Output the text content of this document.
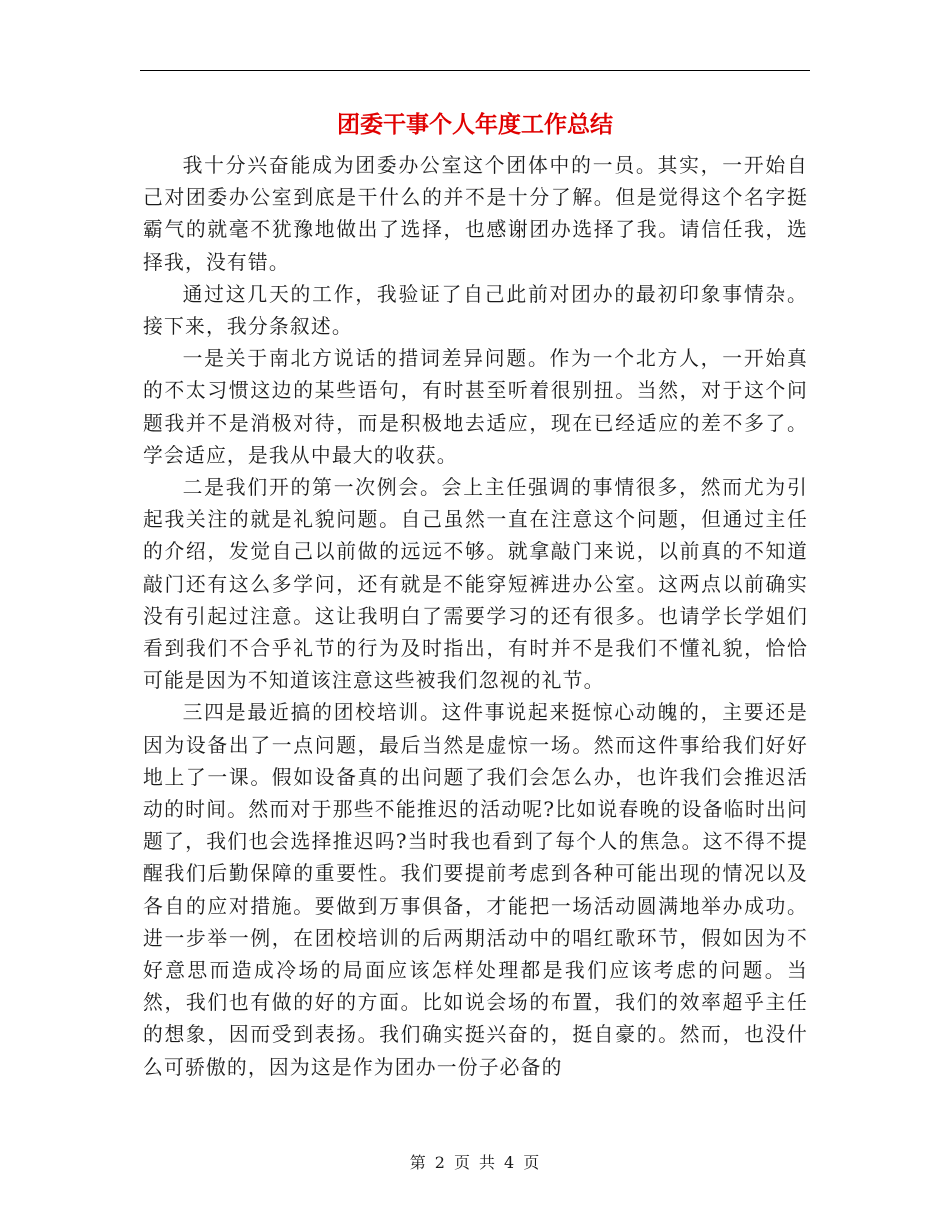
团委干事个人年度工作总结

我十分兴奋能成为团委办公室这个团体中的一员。其实，一开始自己对团委办公室到底是干什么的并不是十分了解。但是觉得这个名字挺霸气的就毫不犹豫地做出了选择，也感谢团办选择了我。请信任我，选择我，没有错。

通过这几天的工作，我验证了自己此前对团办的最初印象事情杂。接下来，我分条叙述。

一是关于南北方说话的措词差异问题。作为一个北方人，一开始真的不太习惯这边的某些语句，有时甚至听着很别扭。当然，对于这个问题我并不是消极对待，而是积极地去适应，现在已经适应的差不多了。学会适应，是我从中最大的收获。

二是我们开的第一次例会。会上主任强调的事情很多，然而尤为引起我关注的就是礼貌问题。自己虽然一直在注意这个问题，但通过主任的介绍，发觉自己以前做的远远不够。就拿敲门来说，以前真的不知道敲门还有这么多学问，还有就是不能穿短裤进办公室。这两点以前确实没有引起过注意。这让我明白了需要学习的还有很多。也请学长学姐们看到我们不合乎礼节的行为及时指出，有时并不是我们不懂礼貌，恰恰可能是因为不知道该注意这些被我们忽视的礼节。

三四是最近搞的团校培训。这件事说起来挺惊心动魄的，主要还是因为设备出了一点问题，最后当然是虚惊一场。然而这件事给我们好好地上了一课。假如设备真的出问题了我们会怎么办，也许我们会推迟活动的时间。然而对于那些不能推迟的活动呢?比如说春晚的设备临时出问题了，我们也会选择推迟吗?当时我也看到了每个人的焦急。这不得不提醒我们后勤保障的重要性。我们要提前考虑到各种可能出现的情况以及各自的应对措施。要做到万事俱备，才能把一场活动圆满地举办成功。进一步举一例，在团校培训的后两期活动中的唱红歌环节，假如因为不好意思而造成冷场的局面应该怎样处理都是我们应该考虑的问题。当然，我们也有做的好的方面。比如说会场的布置，我们的效率超乎主任的想象，因而受到表扬。我们确实挺兴奋的，挺自豪的。然而，也没什么可骄傲的，因为这是作为团办一份子必备的

第 2 页 共 4 页
